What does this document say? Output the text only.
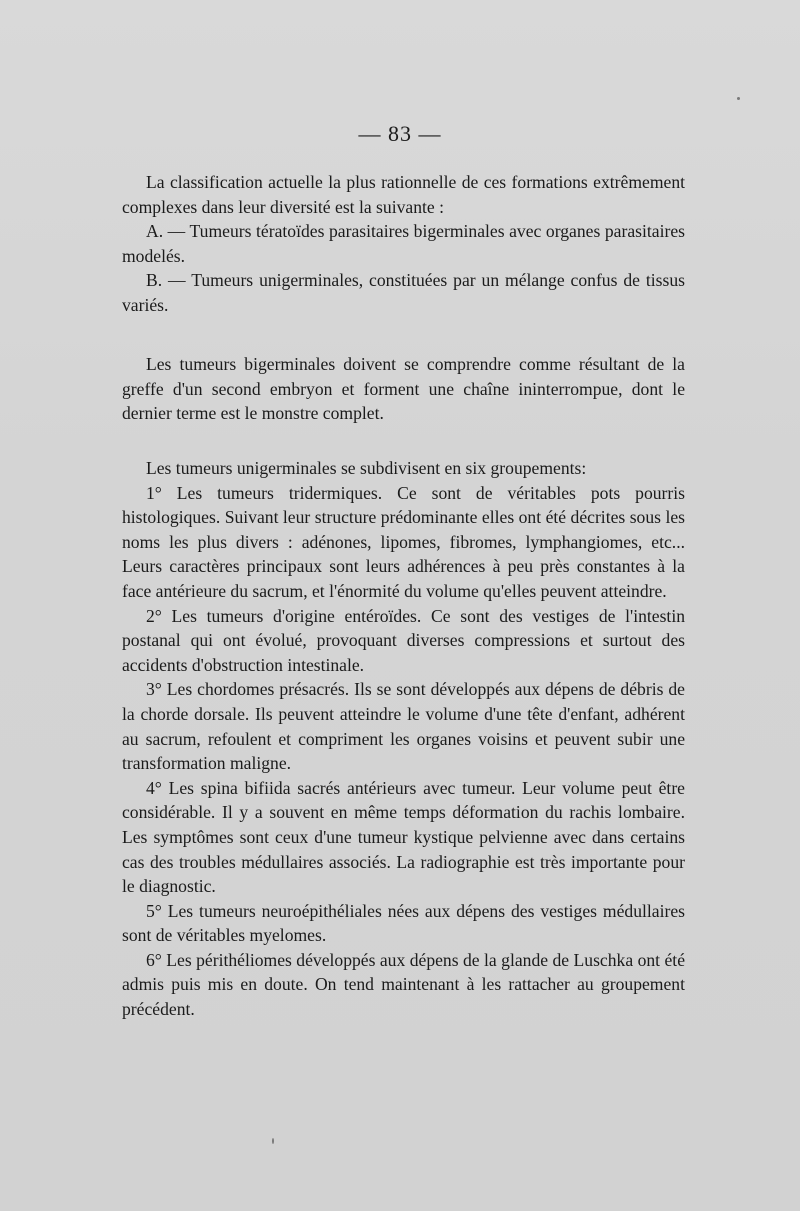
— 83 —

La classification actuelle la plus rationnelle de ces formations extrêmement complexes dans leur diversité est la suivante :

A. — Tumeurs tératoïdes parasitaires bigerminales avec organes parasitaires modelés.

B. — Tumeurs unigerminales, constituées par un mélange confus de tissus variés.

Les tumeurs bigerminales doivent se comprendre comme résultant de la greffe d'un second embryon et forment une chaîne ininterrompue, dont le dernier terme est le monstre complet.

Les tumeurs unigerminales se subdivisent en six groupements:

1° Les tumeurs tridermiques. Ce sont de véritables pots pourris histologiques. Suivant leur structure prédominante elles ont été décrites sous les noms les plus divers : adénones, lipomes, fibromes, lymphangiomes, etc... Leurs caractères principaux sont leurs adhérences à peu près constantes à la face antérieure du sacrum, et l'énormité du volume qu'elles peuvent atteindre.

2° Les tumeurs d'origine entéroïdes. Ce sont des vestiges de l'intestin postanal qui ont évolué, provoquant diverses compressions et surtout des accidents d'obstruction intestinale.

3° Les chordomes présacrés. Ils se sont développés aux dépens de débris de la chorde dorsale. Ils peuvent atteindre le volume d'une tête d'enfant, adhérent au sacrum, refoulent et compriment les organes voisins et peuvent subir une transformation maligne.

4° Les spina bifiida sacrés antérieurs avec tumeur. Leur volume peut être considérable. Il y a souvent en même temps déformation du rachis lombaire. Les symptômes sont ceux d'une tumeur kystique pelvienne avec dans certains cas des troubles médullaires associés. La radiographie est très importante pour le diagnostic.

5° Les tumeurs neuroépithéliales nées aux dépens des vestiges médullaires sont de véritables myelomes.

6° Les périthéliomes développés aux dépens de la glande de Luschka ont été admis puis mis en doute. On tend maintenant à les rattacher au groupement précédent.
